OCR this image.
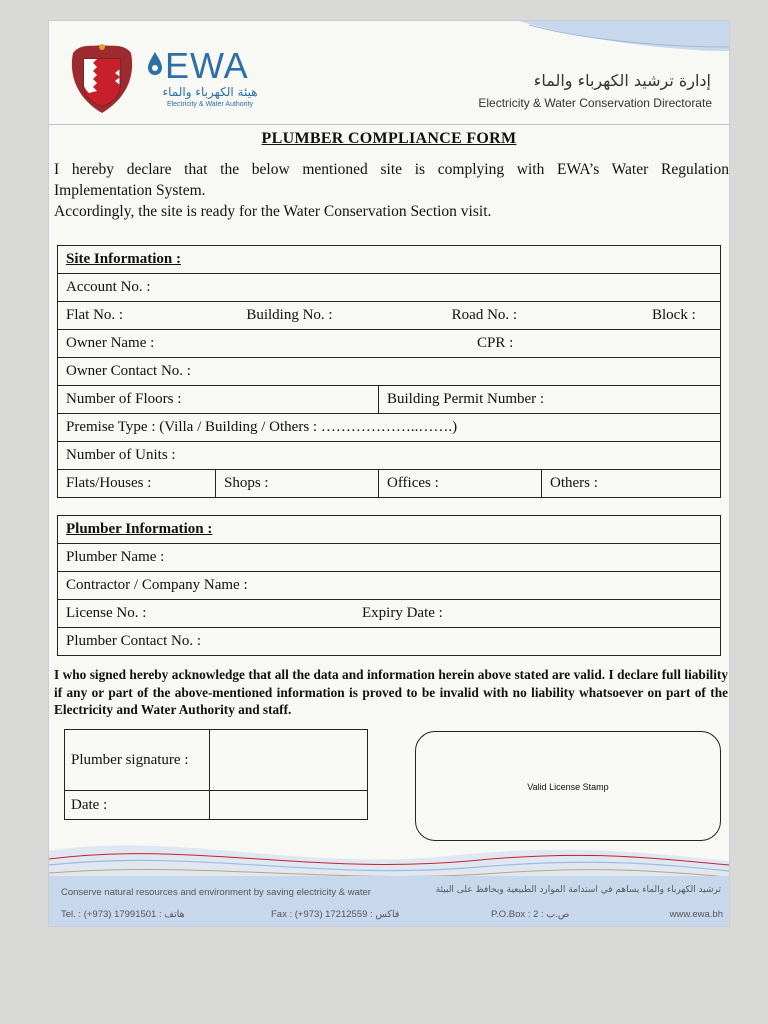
EWA
هيئة الكهرباء والماء
Electricity & Water Authority
إدارة ترشيد الكهرباء والماء
Electricity & Water Conservation Directorate
PLUMBER COMPLIANCE FORM

I hereby declare that the below mentioned site is complying with EWA’s Water Regulation

Implementation System.

Accordingly, the site is ready for the Water Conservation Section visit.

Site Information :			
Account No. :			

Flat No. : Building No. : Road No. : Block :			

Owner Name : CPR :			

Owner Contact No. :			
Number of Floors :		Building Permit Number :	
Premise Type : (Villa / Building / Others : ………………..…….)			
Number of Units :			
Flats/Houses :	Shops :	Offices :	Others :
Plumber Information :
Plumber Name :
Contractor / Company Name :

License No. :	Expiry Date :

Plumber Contact No. :
I who signed hereby acknowledge that all the data and information herein above stated are valid. I declare full liability if any or part of the above-mentioned information is proved to be invalid with no liability whatsoever on part of the Electricity and Water Authority and staff.
Plumber signature :	
Date :	
Valid License Stamp
Conserve natural resources and environment by saving electricity & water	ترشيد الكهرباء والماء يساهم في استدامة الموارد الطبيعية ويحافظ على البيئة
Tel. : (+973) 17991501 : هاتف	Fax : (+973) 17212559 : فاكس	P.O.Box : 2 : ص.ب	www.ewa.bh
